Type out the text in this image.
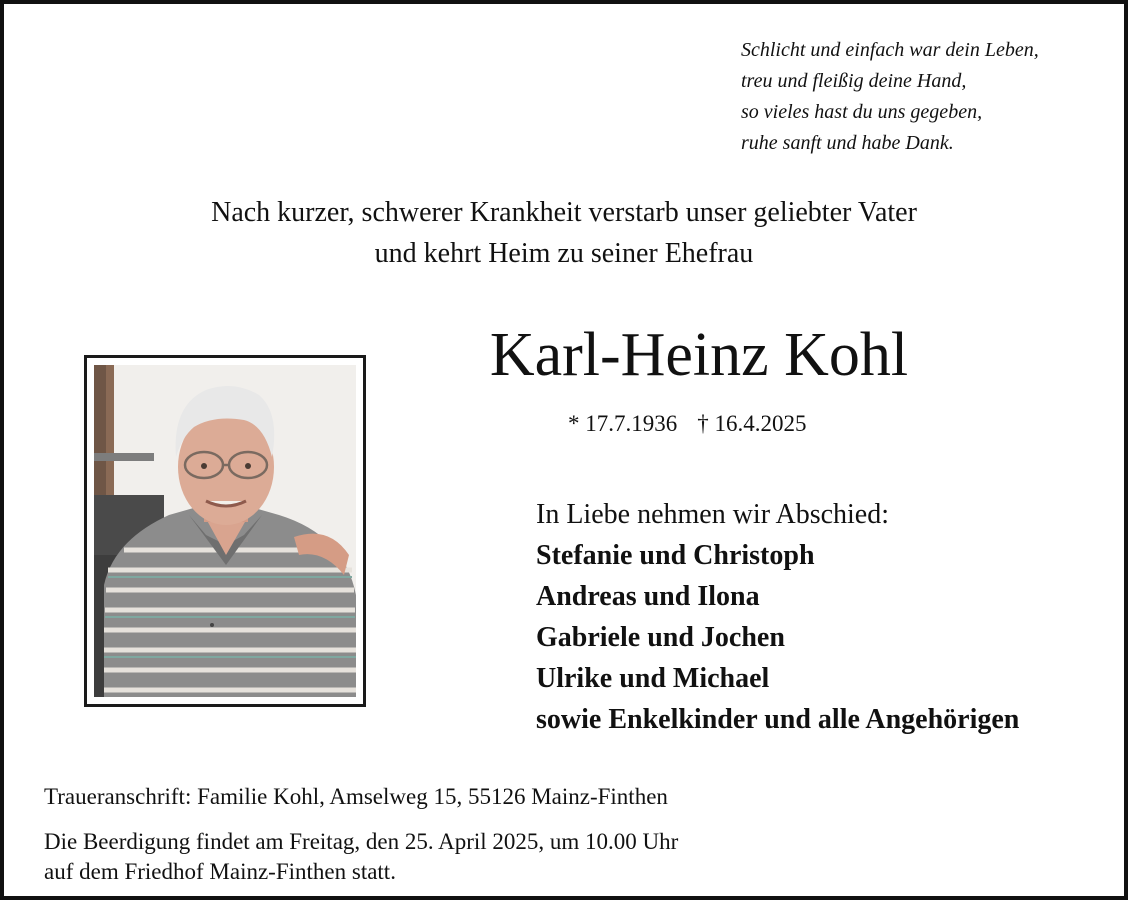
Schlicht und einfach war dein Leben,
treu und fleißig deine Hand,
so vieles hast du uns gegeben,
ruhe sanft und habe Dank.
Nach kurzer, schwerer Krankheit verstarb unser geliebter Vater
und kehrt Heim zu seiner Ehefrau
Karl-Heinz Kohl
* 17.7.1936 † 16.4.2025
In Liebe nehmen wir Abschied:
Stefanie und Christoph
Andreas und Ilona
Gabriele und Jochen
Ulrike und Michael
sowie Enkelkinder und alle Angehörigen
Traueranschrift: Familie Kohl, Amselweg 15, 55126 Mainz-Finthen
Die Beerdigung findet am Freitag, den 25. April 2025, um 10.00 Uhr
auf dem Friedhof Mainz-Finthen statt.
